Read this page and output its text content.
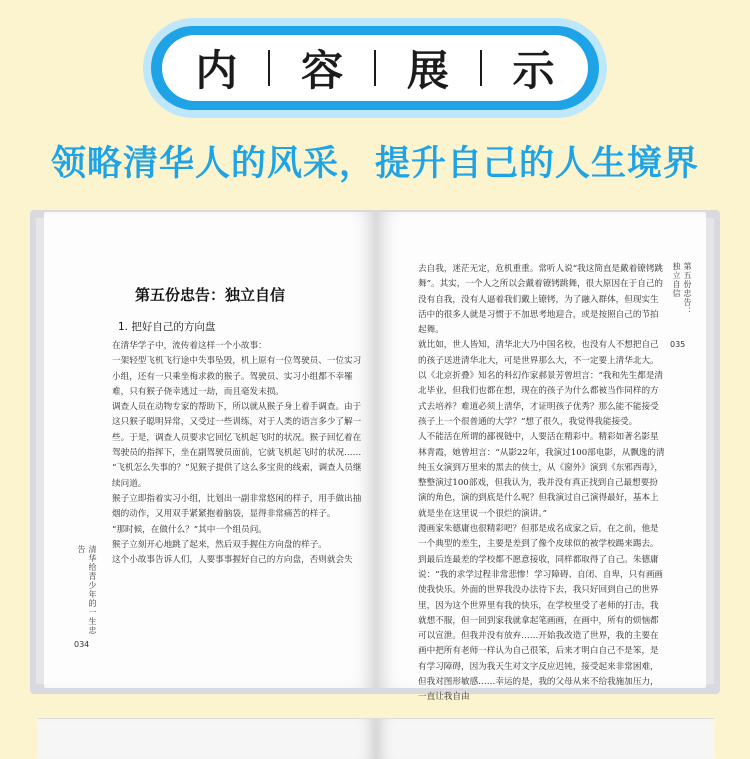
内 容 展 示
领略清华人的风采，提升自己的人生境界
第五份忠告：独立自信
1. 把好自己的方向盘

在清华学子中，流传着这样一个小故事：

一架轻型飞机飞行途中失事坠毁，机上原有一位驾驶员、一位实习小组，还有一只乘坐梅求救的猴子。驾驶员、实习小组都不幸罹难，只有猴子侥幸逃过一劫，而且毫发未损。

调查人员在动物专家的帮助下，所以就从猴子身上着手调查。由于这只猴子聪明异常，又受过一些训练，对于人类的语言多少了解一些。于是，调查人员要求它回忆飞机起飞时的状况。猴子回忆着在驾驶员的指挥下，坐在副驾驶员面前，它就飞机起飞时的状况……

“飞机怎么失事的？”见猴子提供了这么多宝贵的线索，调查人员继续问道。

猴子立即指着实习小组，比划出一副非常悠闲的样子，用手做出抽烟的动作，又用双手紧紧抱着脑袋，显得非常痛苦的样子。

“那时候，在做什么？”其中一个组员问。

猴子立刻开心地跳了起来，然后双手握住方向盘的样子。

这个小故事告诉人们，人要事事握好自己的方向盘，否则就会失

清华给青少年的一生忠告
034

去自我，迷茫无定，危机重重。常听人说“我这简直是戴着镣铐跳舞”。其实，一个人之所以会戴着镣铐跳舞，很大原因在于自己的没有自我，没有人逼着我们戴上镣铐，为了融入群体，但现实生活中的很多人就是习惯于不加思考地迎合，或是按照自己的节拍起舞。

就比如，世人皆知，清华北大乃中国名校，也没有人不想把自己的孩子送进清华北大，可是世界那么大，不一定要上清华北大。以《北京折叠》知名的科幻作家郝景芳曾坦言：“我和先生都是清北毕业，但我们也都在想，现在的孩子为什么都被当作同样的方式去培养？难道必须上清华，才证明孩子优秀？那么能不能接受孩子上一个很普通的大学？”想了很久，我觉得我能接受。

人不能活在所谓的鄙视链中，人要活在精彩中。精彩如著名影星林青霞，她曾坦言：“从影22年，我演过100部电影，从飘逸的清纯玉女演到万里来的黑去的侠士，从《窗外》演到《东邪西毒》，整整演过100部戏，但我认为，我并没有真正找到自己最想要扮演的角色，演的到底是什么呢？但我演过自己演得最好，基本上就是坐在这里说一个很烂的演讲。”

漫画家朱德庸也很精彩吧？但那是成名成家之后，在之前，他是一个典型的差生，主要是差到了像个皮球似的被学校踢来踢去。到最后连最差的学校都不愿意接收，同样都取得了自己。朱德庸说：“我的求学过程非常悲惨！学习障碍、自闭、自卑，只有画画使我快乐。外面的世界我没办法待下去，我只好回到自己的世界里，因为这个世界里有我的快乐，在学校里受了老师的打击，我就想不服，但一回到家我就拿起笔画画，在画中，所有的烦恼都可以宣泄。但我并没有放弃……开始我改造了世界，我的主要在画中把所有老师一样认为自己很笨，后来才明白自己不是笨，是有学习障碍，因为我天生对文字反应迟钝，接受起来非常困难，但我对图形敏感……幸运的是，我的父母从来不给我施加压力，一直让我自由

第五份忠告：独立自信
035
